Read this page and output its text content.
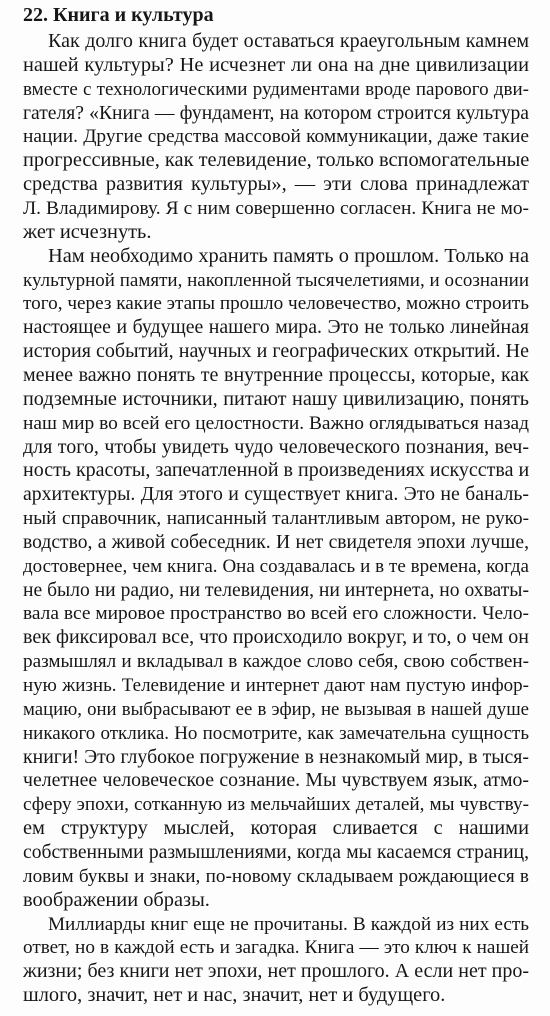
22. Книга и культура
Как долго книга будет оставаться краеугольным камнем
нашей культуры? Не исчезнет ли она на дне цивилизации
вместе с технологическими рудиментами вроде парового дви-
гателя? «Книга — фундамент, на котором строится культура
нации. Другие средства массовой коммуникации, даже такие
прогрессивные, как телевидение, только вспомогательные
средства развития культуры», — эти слова принадлежат
Л. Владимирову. Я с ним совершенно согласен. Книга не мо-
жет исчезнуть.
Нам необходимо хранить память о прошлом. Только на
культурной памяти, накопленной тысячелетиями, и осознании
того, через какие этапы прошло человечество, можно строить
настоящее и будущее нашего мира. Это не только линейная
история событий, научных и географических открытий. Не
менее важно понять те внутренние процессы, которые, как
подземные источники, питают нашу цивилизацию, понять
наш мир во всей его целостности. Важно оглядываться назад
для того, чтобы увидеть чудо человеческого познания, веч-
ность красоты, запечатленной в произведениях искусства и
архитектуры. Для этого и существует книга. Это не баналь-
ный справочник, написанный талантливым автором, не руко-
водство, а живой собеседник. И нет свидетеля эпохи лучше,
достовернее, чем книга. Она создавалась и в те времена, когда
не было ни радио, ни телевидения, ни интернета, но охваты-
вала все мировое пространство во всей его сложности. Чело-
век фиксировал все, что происходило вокруг, и то, о чем он
размышлял и вкладывал в каждое слово себя, свою собствен-
ную жизнь. Телевидение и интернет дают нам пустую инфор-
мацию, они выбрасывают ее в эфир, не вызывая в нашей душе
никакого отклика. Но посмотрите, как замечательна сущность
книги! Это глубокое погружение в незнакомый мир, в тыся-
челетнее человеческое сознание. Мы чувствуем язык, атмо-
сферу эпохи, сотканную из мельчайших деталей, мы чувству-
ем структуру мыслей, которая сливается с нашими
собственными размышлениями, когда мы касаемся страниц,
ловим буквы и знаки, по-новому складываем рождающиеся в
воображении образы.
Миллиарды книг еще не прочитаны. В каждой из них есть
ответ, но в каждой есть и загадка. Книга — это ключ к нашей
жизни; без книги нет эпохи, нет прошлого. А если нет про-
шлого, значит, нет и нас, значит, нет и будущего.
